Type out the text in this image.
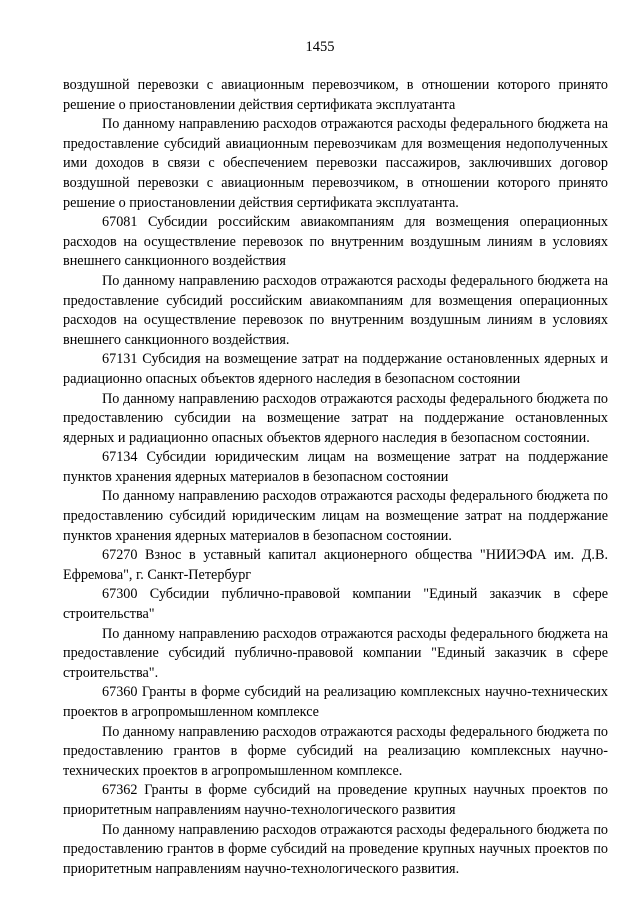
1455

воздушной перевозки с авиационным перевозчиком, в отношении которого принято решение о приостановлении действия сертификата эксплуатанта

По данному направлению расходов отражаются расходы федерального бюджета на предоставление субсидий авиационным перевозчикам для возмещения недополученных ими доходов в связи с обеспечением перевозки пассажиров, заключивших договор воздушной перевозки с авиационным перевозчиком, в отношении которого принято решение о приостановлении действия сертификата эксплуатанта.

67081 Субсидии российским авиакомпаниям для возмещения операционных расходов на осуществление перевозок по внутренним воздушным линиям в условиях внешнего санкционного воздействия

По данному направлению расходов отражаются расходы федерального бюджета на предоставление субсидий российским авиакомпаниям для возмещения операционных расходов на осуществление перевозок по внутренним воздушным линиям в условиях внешнего санкционного воздействия.

67131 Субсидия на возмещение затрат на поддержание остановленных ядерных и радиационно опасных объектов ядерного наследия в безопасном состоянии

По данному направлению расходов отражаются расходы федерального бюджета по предоставлению субсидии на возмещение затрат на поддержание остановленных ядерных и радиационно опасных объектов ядерного наследия в безопасном состоянии.

67134 Субсидии юридическим лицам на возмещение затрат на поддержание пунктов хранения ядерных материалов в безопасном состоянии

По данному направлению расходов отражаются расходы федерального бюджета по предоставлению субсидий юридическим лицам на возмещение затрат на поддержание пунктов хранения ядерных материалов в безопасном состоянии.

67270 Взнос в уставный капитал акционерного общества "НИИЭФА им. Д.В. Ефремова", г. Санкт-Петербург

67300 Субсидии публично-правовой компании "Единый заказчик в сфере строительства"

По данному направлению расходов отражаются расходы федерального бюджета на предоставление субсидий публично-правовой компании "Единый заказчик в сфере строительства".

67360 Гранты в форме субсидий на реализацию комплексных научно-технических проектов в агропромышленном комплексе

По данному направлению расходов отражаются расходы федерального бюджета по предоставлению грантов в форме субсидий на реализацию комплексных научно-технических проектов в агропромышленном комплексе.

67362 Гранты в форме субсидий на проведение крупных научных проектов по приоритетным направлениям научно-технологического развития

По данному направлению расходов отражаются расходы федерального бюджета по предоставлению грантов в форме субсидий на проведение крупных научных проектов по приоритетным направлениям научно-технологического развития.
